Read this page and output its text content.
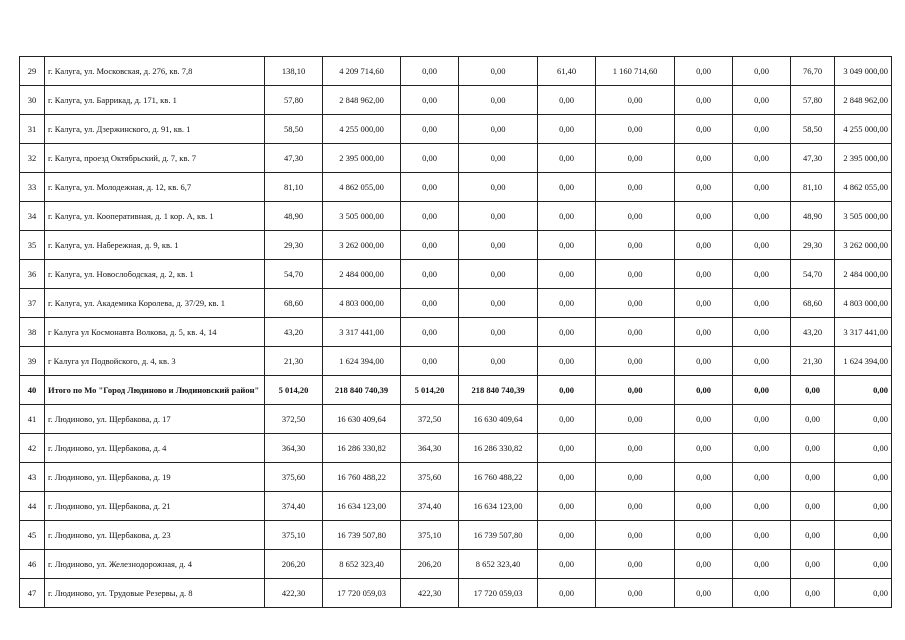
29	г. Калуга, ул. Московская, д. 276, кв. 7,8	138,10	4 209 714,60	0,00	0,00	61,40	1 160 714,60	0,00	0,00	76,70	3 049 000,00
30	г. Калуга, ул. Баррикад, д. 171, кв. 1	57,80	2 848 962,00	0,00	0,00	0,00	0,00	0,00	0,00	57,80	2 848 962,00
31	г. Калуга, ул. Дзержинского, д. 91, кв. 1	58,50	4 255 000,00	0,00	0,00	0,00	0,00	0,00	0,00	58,50	4 255 000,00
32	г. Калуга, проезд Октябрьский, д. 7, кв. 7	47,30	2 395 000,00	0,00	0,00	0,00	0,00	0,00	0,00	47,30	2 395 000,00
33	г. Калуга, ул. Молодежная, д. 12, кв. 6,7	81,10	4 862 055,00	0,00	0,00	0,00	0,00	0,00	0,00	81,10	4 862 055,00
34	г. Калуга, ул. Кооперативная, д. 1 кор. А, кв. 1	48,90	3 505 000,00	0,00	0,00	0,00	0,00	0,00	0,00	48,90	3 505 000,00
35	г. Калуга, ул. Набережная, д. 9, кв. 1	29,30	3 262 000,00	0,00	0,00	0,00	0,00	0,00	0,00	29,30	3 262 000,00
36	г. Калуга, ул. Новослободская, д. 2, кв. 1	54,70	2 484 000,00	0,00	0,00	0,00	0,00	0,00	0,00	54,70	2 484 000,00
37	г. Калуга, ул. Академика Королева, д. 37/29, кв. 1	68,60	4 803 000,00	0,00	0,00	0,00	0,00	0,00	0,00	68,60	4 803 000,00
38	г Калуга ул Космонавта Волкова, д. 5, кв. 4, 14	43,20	3 317 441,00	0,00	0,00	0,00	0,00	0,00	0,00	43,20	3 317 441,00
39	г Калуга ул Подвойского, д. 4, кв. 3	21,30	1 624 394,00	0,00	0,00	0,00	0,00	0,00	0,00	21,30	1 624 394,00
40	Итого по Мо "Город Людиново и Людиновский район"	5 014,20	218 840 740,39	5 014,20	218 840 740,39	0,00	0,00	0,00	0,00	0,00	0,00
41	г. Людиново, ул. Щербакова, д. 17	372,50	16 630 409,64	372,50	16 630 409,64	0,00	0,00	0,00	0,00	0,00	0,00
42	г. Людиново, ул. Щербакова, д. 4	364,30	16 286 330,82	364,30	16 286 330,82	0,00	0,00	0,00	0,00	0,00	0,00
43	г. Людиново, ул. Щербакова, д. 19	375,60	16 760 488,22	375,60	16 760 488,22	0,00	0,00	0,00	0,00	0,00	0,00
44	г. Людиново, ул. Щербакова, д. 21	374,40	16 634 123,00	374,40	16 634 123,00	0,00	0,00	0,00	0,00	0,00	0,00
45	г. Людиново, ул. Щербакова, д. 23	375,10	16 739 507,80	375,10	16 739 507,80	0,00	0,00	0,00	0,00	0,00	0,00
46	г. Людиново, ул. Железнодорожная, д. 4	206,20	8 652 323,40	206,20	8 652 323,40	0,00	0,00	0,00	0,00	0,00	0,00
47	г. Людиново, ул. Трудовые Резервы, д. 8	422,30	17 720 059,03	422,30	17 720 059,03	0,00	0,00	0,00	0,00	0,00	0,00
